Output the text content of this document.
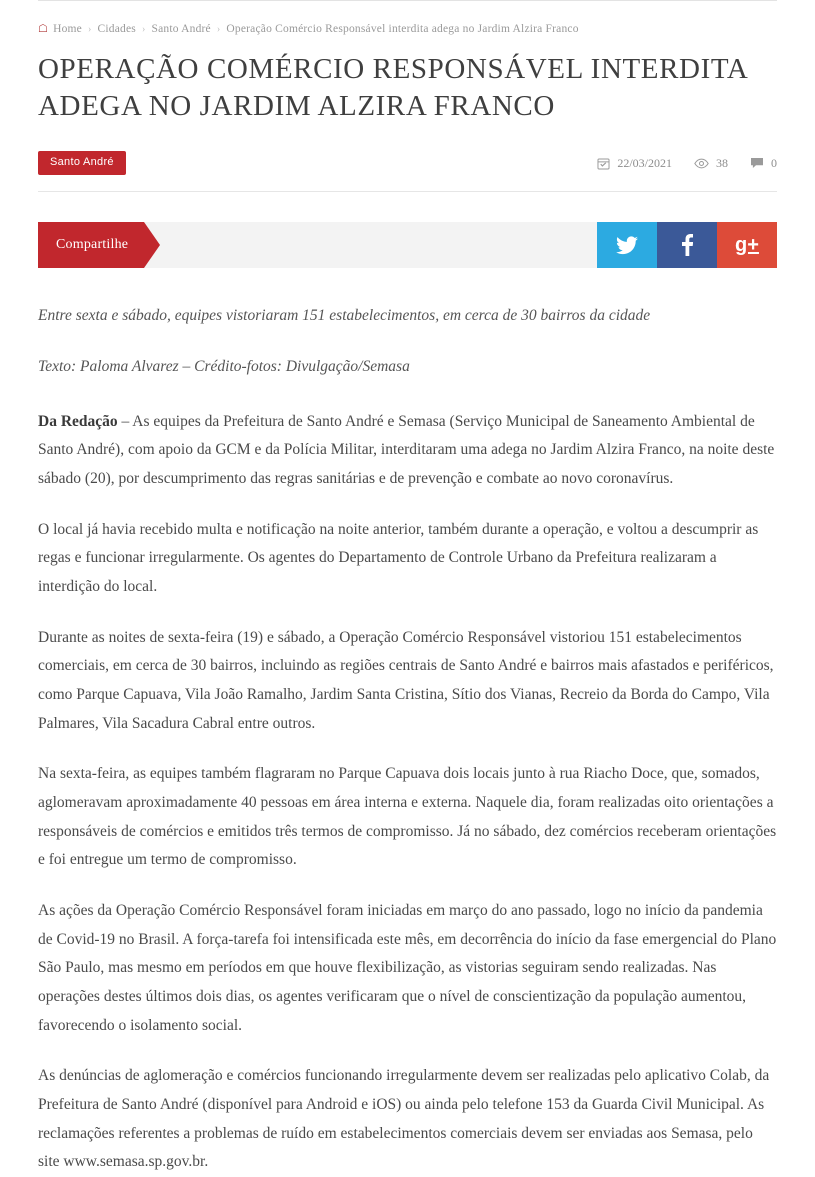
☖ Home › Cidades › Santo André › Operação Comércio Responsável interdita adega no Jardim Alzira Franco
OPERAÇÃO COMÉRCIO RESPONSÁVEL INTERDITA ADEGA NO JARDIM ALZIRA FRANCO
Santo André	22/03/2021	38	0
Compartilhe	g+

Entre sexta e sábado, equipes vistoriaram 151 estabelecimentos, em cerca de 30 bairros da cidade

Texto: Paloma Alvarez – Crédito-fotos: Divulgação/Semasa

Da Redação – As equipes da Prefeitura de Santo André e Semasa (Serviço Municipal de Saneamento Ambiental de Santo André), com apoio da GCM e da Polícia Militar, interditaram uma adega no Jardim Alzira Franco, na noite deste sábado (20), por descumprimento das regras sanitárias e de prevenção e combate ao novo coronavírus.

O local já havia recebido multa e notificação na noite anterior, também durante a operação, e voltou a descumprir as regas e funcionar irregularmente. Os agentes do Departamento de Controle Urbano da Prefeitura realizaram a interdição do local.

Durante as noites de sexta-feira (19) e sábado, a Operação Comércio Responsável vistoriou 151 estabelecimentos comerciais, em cerca de 30 bairros, incluindo as regiões centrais de Santo André e bairros mais afastados e periféricos, como Parque Capuava, Vila João Ramalho, Jardim Santa Cristina, Sítio dos Vianas, Recreio da Borda do Campo, Vila Palmares, Vila Sacadura Cabral entre outros.

Na sexta-feira, as equipes também flagraram no Parque Capuava dois locais junto à rua Riacho Doce, que, somados, aglomeravam aproximadamente 40 pessoas em área interna e externa. Naquele dia, foram realizadas oito orientações a responsáveis de comércios e emitidos três termos de compromisso. Já no sábado, dez comércios receberam orientações e foi entregue um termo de compromisso.

As ações da Operação Comércio Responsável foram iniciadas em março do ano passado, logo no início da pandemia de Covid-19 no Brasil. A força-tarefa foi intensificada este mês, em decorrência do início da fase emergencial do Plano São Paulo, mas mesmo em períodos em que houve flexibilização, as vistorias seguiram sendo realizadas. Nas operações destes últimos dois dias, os agentes verificaram que o nível de conscientização da população aumentou, favorecendo o isolamento social.

As denúncias de aglomeração e comércios funcionando irregularmente devem ser realizadas pelo aplicativo Colab, da Prefeitura de Santo André (disponível para Android e iOS) ou ainda pelo telefone 153 da Guarda Civil Municipal. As reclamações referentes a problemas de ruído em estabelecimentos comerciais devem ser enviadas aos Semasa, pelo site www.semasa.sp.gov.br.
